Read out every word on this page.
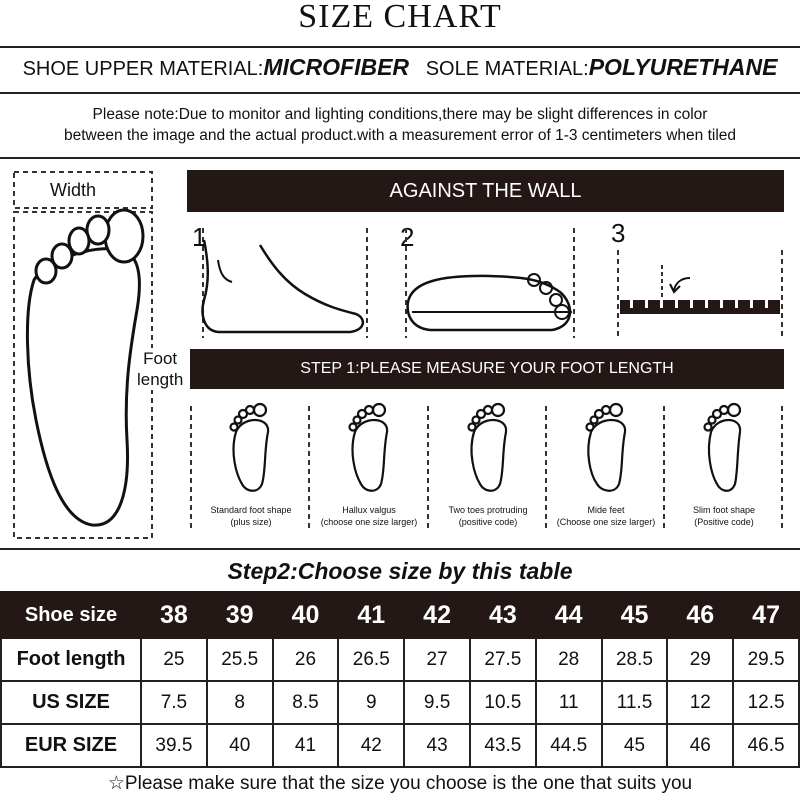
SIZE CHART
SHOE UPPER MATERIAL:MICROFIBER SOLE MATERIAL:POLYURETHANE
Please note:Due to monitor and lighting conditions,there may be slight differences in color
between the image and the actual product.with a measurement error of 1-3 centimeters when tiled
Width
Foot
length
AGAINST THE WALL
1	2	3
STEP 1:PLEASE MEASURE YOUR FOOT LENGTH
Standard foot shape
(plus size)
Hallux valgus
(choose one size larger)
Two toes protruding
(positive code)
Mide feet
(Choose one size larger)
Slim foot shape
(Positive code)
Step2:Choose size by this table
Shoe size	38	39	40	41	42	43	44	45	46	47
Foot length	25	25.5	26	26.5	27	27.5	28	28.5	29	29.5
US SIZE	7.5	8	8.5	9	9.5	10.5	11	11.5	12	12.5
EUR SIZE	39.5	40	41	42	43	43.5	44.5	45	46	46.5
☆Please make sure that the size you choose is the one that suits you
